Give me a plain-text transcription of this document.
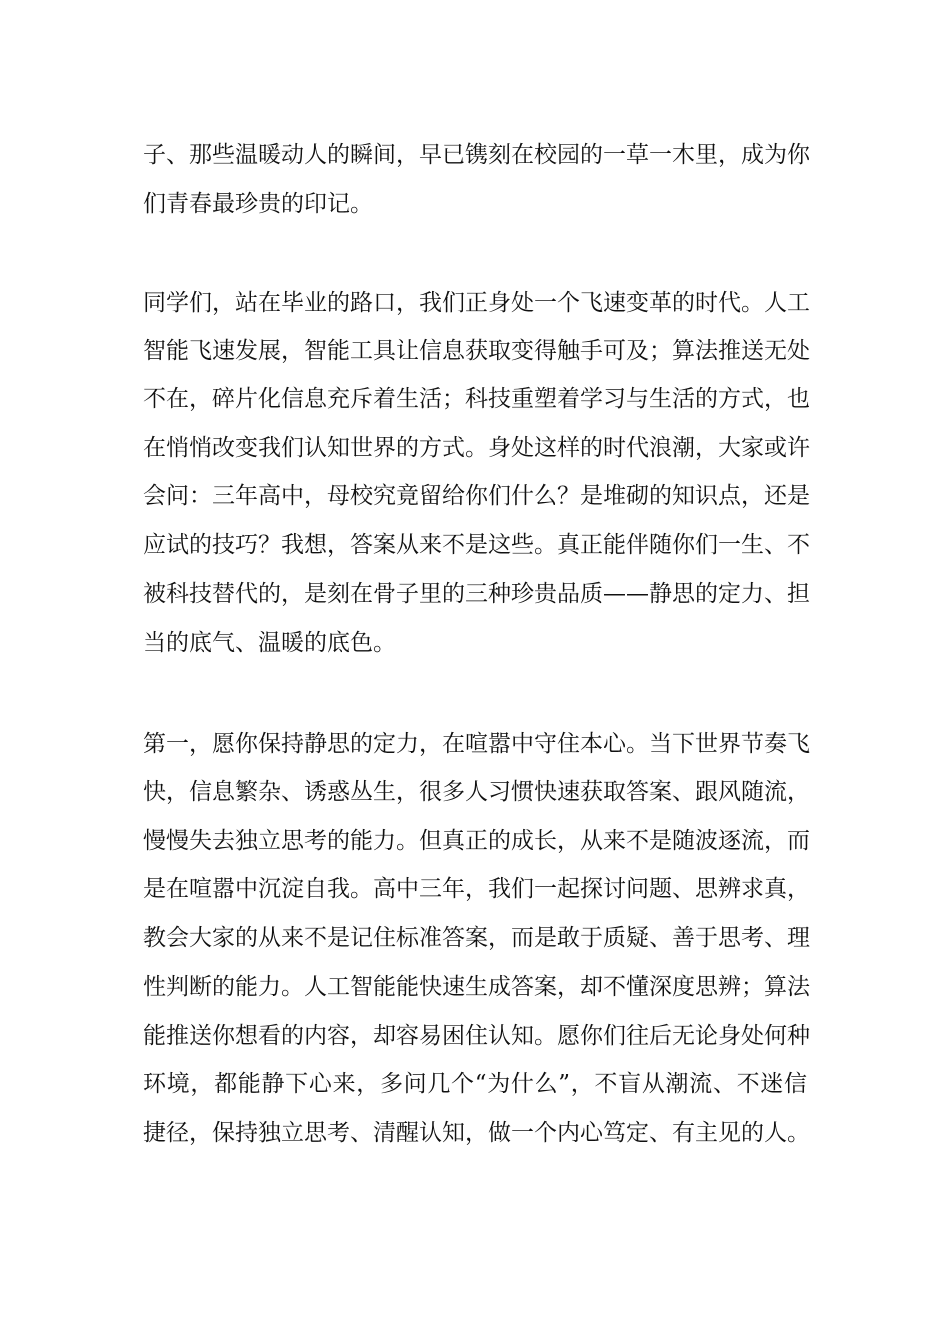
子、那些温暖动人的瞬间，早已镌刻在校园的一草一木里，成为你
们青春最珍贵的印记。
同学们，站在毕业的路口，我们正身处一个飞速变革的时代。人工
智能飞速发展，智能工具让信息获取变得触手可及；算法推送无处
不在，碎片化信息充斥着生活；科技重塑着学习与生活的方式，也
在悄悄改变我们认知世界的方式。身处这样的时代浪潮，大家或许
会问：三年高中，母校究竟留给你们什么？是堆砌的知识点，还是
应试的技巧？我想，答案从来不是这些。真正能伴随你们一生、不
被科技替代的，是刻在骨子里的三种珍贵品质——静思的定力、担
当的底气、温暖的底色。
第一，愿你保持静思的定力，在喧嚣中守住本心。当下世界节奏飞
快，信息繁杂、诱惑丛生，很多人习惯快速获取答案、跟风随流，
慢慢失去独立思考的能力。但真正的成长，从来不是随波逐流，而
是在喧嚣中沉淀自我。高中三年，我们一起探讨问题、思辨求真，
教会大家的从来不是记住标准答案，而是敢于质疑、善于思考、理
性判断的能力。人工智能能快速生成答案，却不懂深度思辨；算法
能推送你想看的内容，却容易困住认知。愿你们往后无论身处何种
环境，都能静下心来，多问几个“为什么”，不盲从潮流、不迷信
捷径，保持独立思考、清醒认知，做一个内心笃定、有主见的人。
